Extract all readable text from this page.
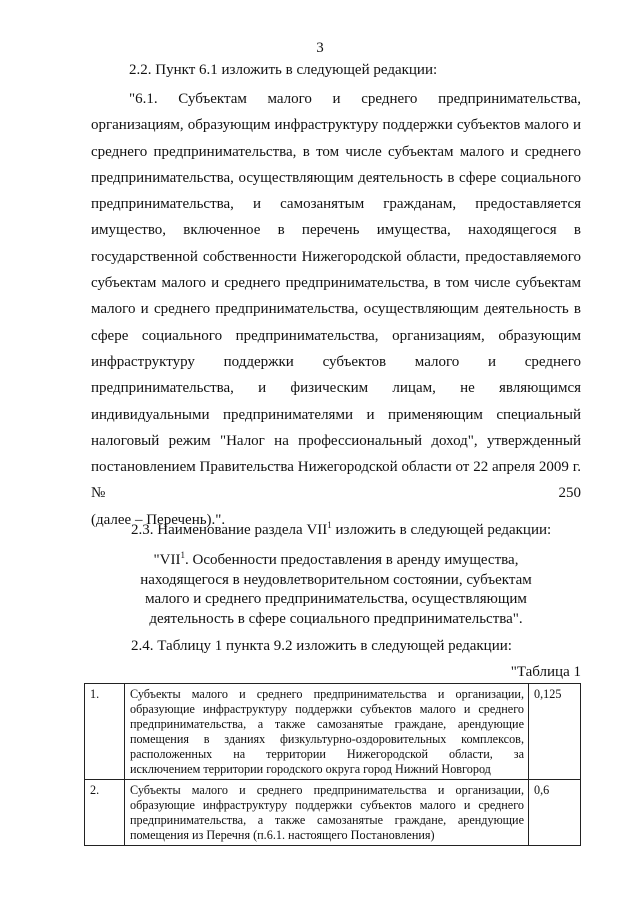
3
2.2. Пункт 6.1 изложить в следующей редакции:
"6.1. Субъектам малого и среднего предпринимательства, организациям, образующим инфраструктуру поддержки субъектов малого и среднего предпринимательства, в том числе субъектам малого и среднего предпринимательства, осуществляющим деятельность в сфере социального предпринимательства, и самозанятым гражданам, предоставляется имущество, включенное в перечень имущества, находящегося в государственной собственности Нижегородской области, предоставляемого субъектам малого и среднего предпринимательства, в том числе субъектам малого и среднего предпринимательства, осуществляющим деятельность в сфере социального предпринимательства, организациям, образующим инфраструктуру поддержки субъектов малого и среднего предпринимательства, и физическим лицам, не являющимся индивидуальными предпринимателями и применяющим специальный налоговый режим "Налог на профессиональный доход", утвержденный постановлением Правительства Нижегородской области от 22 апреля 2009 г. № 250
(далее – Перечень).".
2.3. Наименование раздела VII$^1$ изложить в следующей редакции:
"VII$^1$. Особенности предоставления в аренду имущества,
находящегося в неудовлетворительном состоянии, субъектам
малого и среднего предпринимательства, осуществляющим
деятельность в сфере социального предпринимательства".
2.4. Таблицу 1 пункта 9.2 изложить в следующей редакции:
"Таблица 1
1.	Субъекты малого и среднего предпринимательства и организации, образующие инфраструктуру поддержки субъектов малого и среднего предпринимательства, а также самозанятые граждане, арендующие помещения в зданиях физкультурно-оздоровительных комплексов, расположенных на территории Нижегородской области, за
исключением территории городского округа город Нижний Новгород	0,125
2.	Субъекты малого и среднего предпринимательства и организации, образующие инфраструктуру поддержки субъектов малого и среднего предпринимательства, а также самозанятые граждане, арендующие
помещения из Перечня (п.6.1. настоящего Постановления)	0,6
